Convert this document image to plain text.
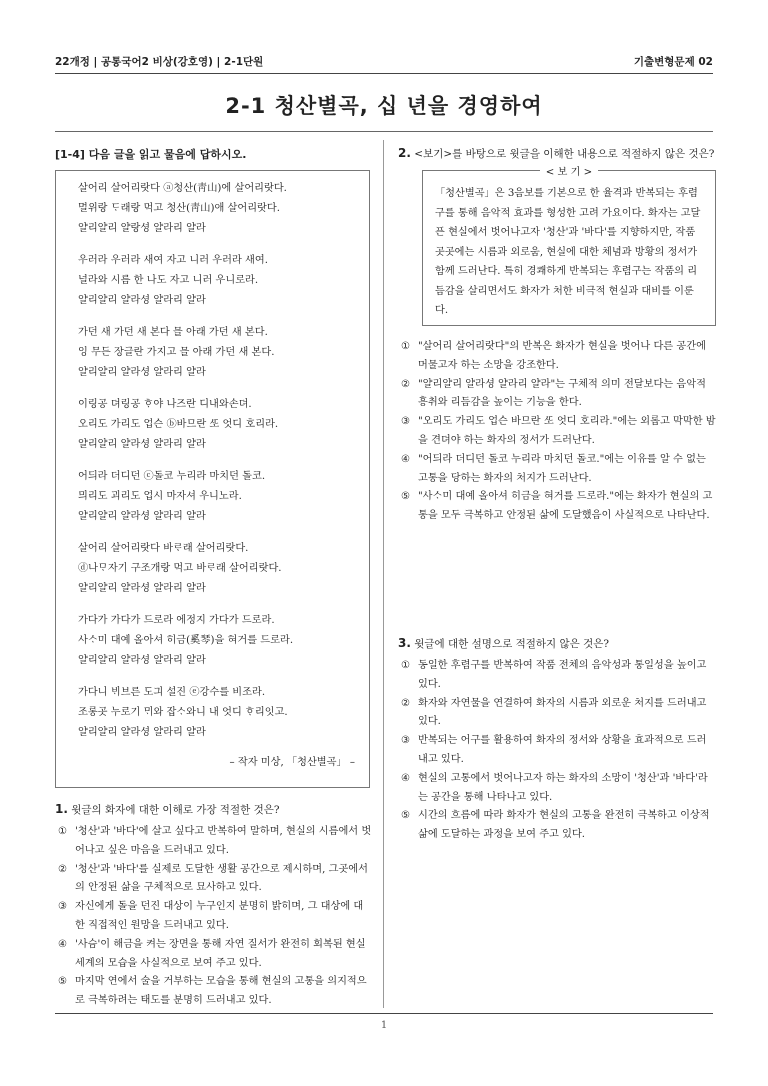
22개정 | 공통국어2 비상(강호영) | 2-1단원	기출변형문제 02
2-1 청산별곡, 십 년을 경영하여
[1-4] 다음 글을 읽고 물음에 답하시오.
살어리 살어리랏다 ⓐ청산(靑山)에 살어리랏다.
멀위랑 ᄃᆞ래랑 먹고 청산(靑山)애 살어리랏다.
얄리얄리 얄랑셩 얄라리 얄라
우러라 우러라 새여 자고 니러 우러라 새여.
널라와 시름 한 나도 자고 니러 우니로라.
얄리얄리 얄라셩 얄라리 얄라
가던 새 가던 새 본다 믈 아래 가던 새 본다.
잉 무든 장글란 가지고 믈 아래 가던 새 본다.
얄리얄리 얄라셩 얄라리 얄라
이링공 뎌링공 ᄒᆞ야 나즈란 디내와손뎌.
오리도 가리도 업슨 ⓑ바므란 ᄯᅩ 엇디 호리라.
얄리얄리 얄라셩 얄라리 얄라
어듸라 더디던 ⓒ돌코 누리라 마치던 돌코.
믜리도 괴리도 업시 마자셔 우니노라.
얄리얄리 얄라셩 얄라리 얄라
살어리 살어리랏다 바ᄅᆞ래 살어리랏다.
ⓓ나ᄆᆞ자기 구조개랑 먹고 바ᄅᆞ래 살어리랏다.
얄리얄리 얄라셩 얄라리 얄라
가다가 가다가 드로라 에정지 가다가 드로라.
사ᄉᆞ미 대예 올아셔 히금(奚琴)을 혀거를 드로라.
얄리얄리 얄라셩 얄라리 얄라
가다니 ᄇᆡ브른 도긔 설진 ⓔ강수를 비조라.
조롱곳 누로기 ᄆᆡ와 잡ᄉᆞ와니 내 엇디 ᄒᆞ리잇고.
얄리얄리 얄라셩 얄라리 얄라
– 작자 미상, 「청산별곡」 –
1. 윗글의 화자에 대한 이해로 가장 적절한 것은?
① '청산'과 '바다'에 살고 싶다고 반복하여 말하며, 현실의 시름에서 벗어나고 싶은 마음을 드러내고 있다.
② '청산'과 '바다'를 실제로 도달한 생활 공간으로 제시하며, 그곳에서의 안정된 삶을 구체적으로 묘사하고 있다.
③ 자신에게 돌을 던진 대상이 누구인지 분명히 밝히며, 그 대상에 대한 직접적인 원망을 드러내고 있다.
④ '사슴'이 해금을 켜는 장면을 통해 자연 질서가 완전히 회복된 현실 세계의 모습을 사실적으로 보여 주고 있다.
⑤ 마지막 연에서 술을 거부하는 모습을 통해 현실의 고통을 의지적으로 극복하려는 태도를 분명히 드러내고 있다.
2. <보기>를 바탕으로 윗글을 이해한 내용으로 적절하지 않은 것은?
< 보 기 >
「청산별곡」은 3음보를 기본으로 한 율격과 반복되는 후렴구를 통해 음악적 효과를 형성한 고려 가요이다. 화자는 고달픈 현실에서 벗어나고자 '청산'과 '바다'를 지향하지만, 작품 곳곳에는 시름과 외로움, 현실에 대한 체념과 방황의 정서가 함께 드러난다. 특히 경쾌하게 반복되는 후렴구는 작품의 리듬감을 살리면서도 화자가 처한 비극적 현실과 대비를 이룬다.
① "살어리 살어리랏다"의 반복은 화자가 현실을 벗어나 다른 공간에 머물고자 하는 소망을 강조한다.
② "얄리얄리 얄라셩 얄라리 얄라"는 구체적 의미 전달보다는 음악적 흥취와 리듬감을 높이는 기능을 한다.
③ "오리도 가리도 업슨 바므란 ᄯᅩ 엇디 호리라."에는 외롭고 막막한 밤을 견뎌야 하는 화자의 정서가 드러난다.
④ "어듸라 더디던 돌코 누리라 마치던 돌코."에는 이유를 알 수 없는 고통을 당하는 화자의 처지가 드러난다.
⑤ "사ᄉᆞ미 대예 올아셔 히금을 혀거를 드로라."에는 화자가 현실의 고통을 모두 극복하고 안정된 삶에 도달했음이 사실적으로 나타난다.
3. 윗글에 대한 설명으로 적절하지 않은 것은?
① 동일한 후렴구를 반복하여 작품 전체의 음악성과 통일성을 높이고 있다.
② 화자와 자연물을 연결하여 화자의 시름과 외로운 처지를 드러내고 있다.
③ 반복되는 어구를 활용하여 화자의 정서와 상황을 효과적으로 드러내고 있다.
④ 현실의 고통에서 벗어나고자 하는 화자의 소망이 '청산'과 '바다'라는 공간을 통해 나타나고 있다.
⑤ 시간의 흐름에 따라 화자가 현실의 고통을 완전히 극복하고 이상적 삶에 도달하는 과정을 보여 주고 있다.
1
